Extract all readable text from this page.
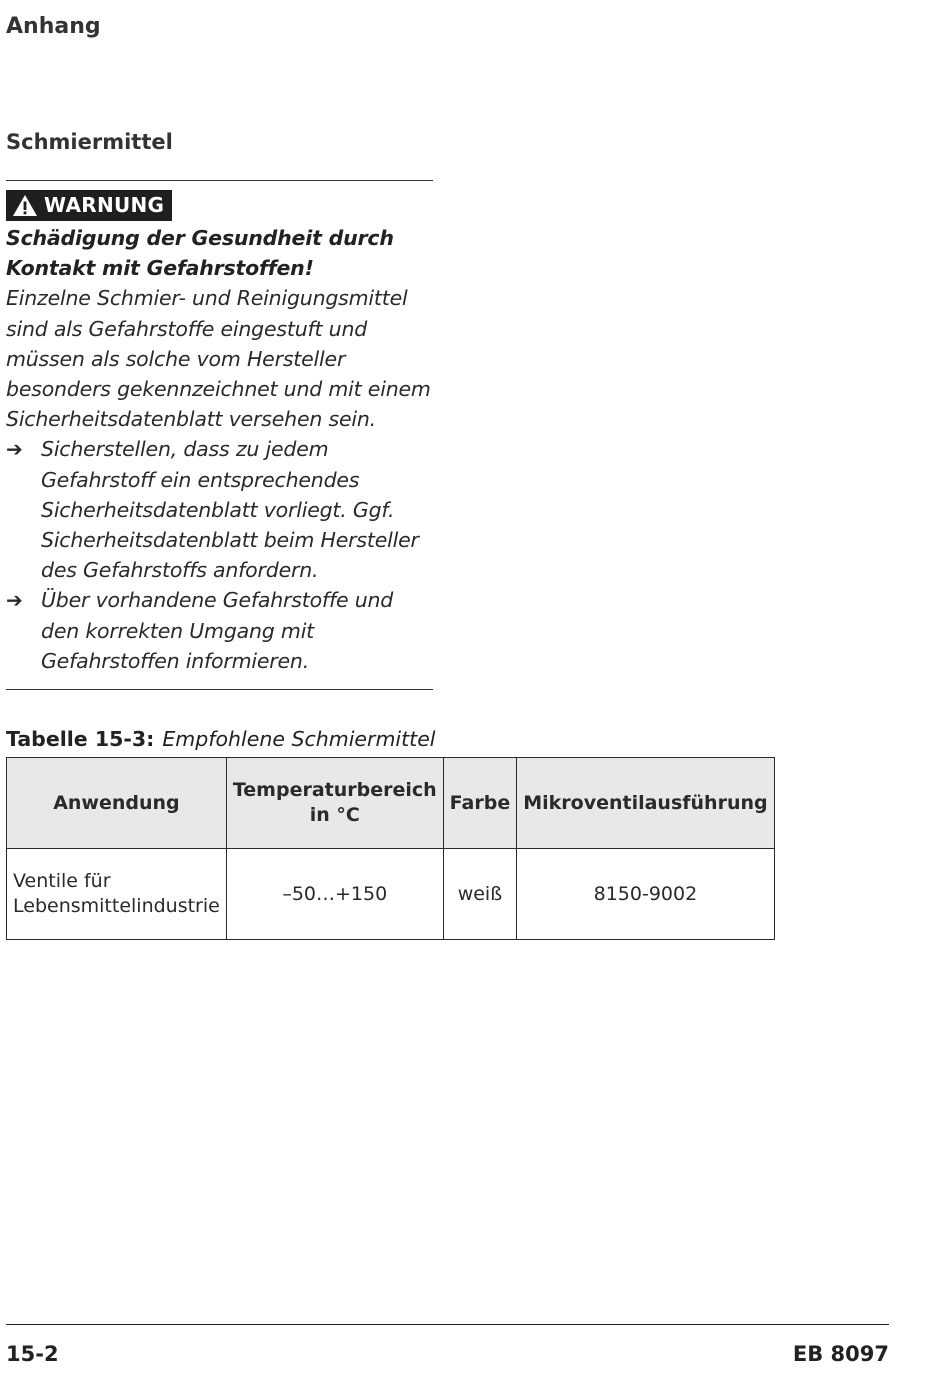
Anhang
Schmiermittel
WARNUNG
Schädigung der Gesundheit durch Kontakt mit Gefahrstoffen!
Einzelne Schmier- und Reinigungsmittel sind als Gefahrstoffe eingestuft und müssen als solche vom Hersteller besonders gekennzeichnet und mit einem Sicherheitsdatenblatt versehen sein.
➔ Sicherstellen, dass zu jedem Gefahrstoff ein entsprechendes Sicherheitsdatenblatt vorliegt. Ggf. Sicherheitsdatenblatt beim Hersteller des Gefahrstoffs anfordern.
➔ Über vorhandene Gefahrstoffe und den korrekten Umgang mit Gefahrstoffen informieren.
Tabelle 15-3: Empfohlene Schmiermittel
Anwendung	Temperaturbereich in °C	Farbe	Mikroventilausführung
Ventile für Lebensmittelindustrie	–50…+150	weiß	8150-9002
15-2	EB 8097
